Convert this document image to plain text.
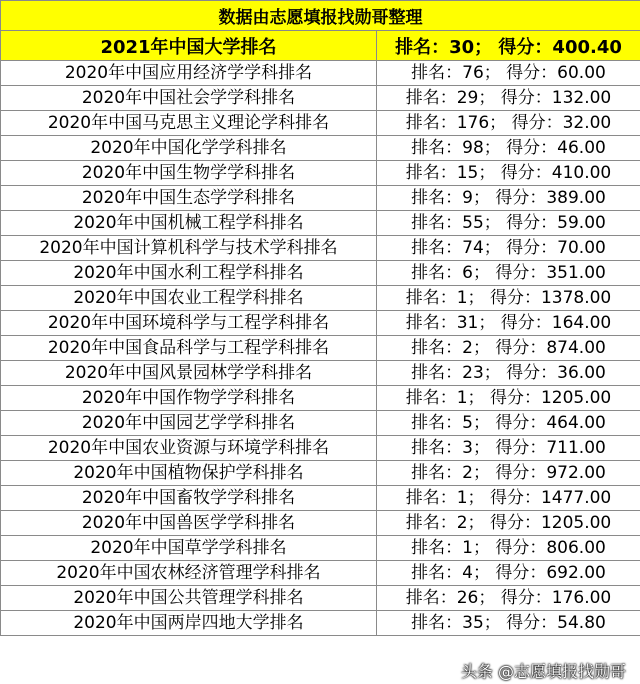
数据由志愿填报找勋哥整理	
2021年中国大学排名	排名：30； 得分：400.40
2020年中国应用经济学学科排名	排名：76； 得分：60.00
2020年中国社会学学科排名	排名：29； 得分：132.00
2020年中国马克思主义理论学科排名	排名：176； 得分：32.00
2020年中国化学学科排名	排名：98； 得分：46.00
2020年中国生物学学科排名	排名：15； 得分：410.00
2020年中国生态学学科排名	排名：9； 得分：389.00
2020年中国机械工程学科排名	排名：55； 得分：59.00
2020年中国计算机科学与技术学科排名	排名：74； 得分：70.00
2020年中国水利工程学科排名	排名：6； 得分：351.00
2020年中国农业工程学科排名	排名：1； 得分：1378.00
2020年中国环境科学与工程学科排名	排名：31； 得分：164.00
2020年中国食品科学与工程学科排名	排名：2； 得分：874.00
2020年中国风景园林学学科排名	排名：23； 得分：36.00
2020年中国作物学学科排名	排名：1； 得分：1205.00
2020年中国园艺学学科排名	排名：5； 得分：464.00
2020年中国农业资源与环境学科排名	排名：3； 得分：711.00
2020年中国植物保护学科排名	排名：2； 得分：972.00
2020年中国畜牧学学科排名	排名：1； 得分：1477.00
2020年中国兽医学学科排名	排名：2； 得分：1205.00
2020年中国草学学科排名	排名：1； 得分：806.00
2020年中国农林经济管理学科排名	排名：4； 得分：692.00
2020年中国公共管理学科排名	排名：26； 得分：176.00
2020年中国两岸四地大学排名	排名：35； 得分：54.80
头条 @志愿填报找勋哥
